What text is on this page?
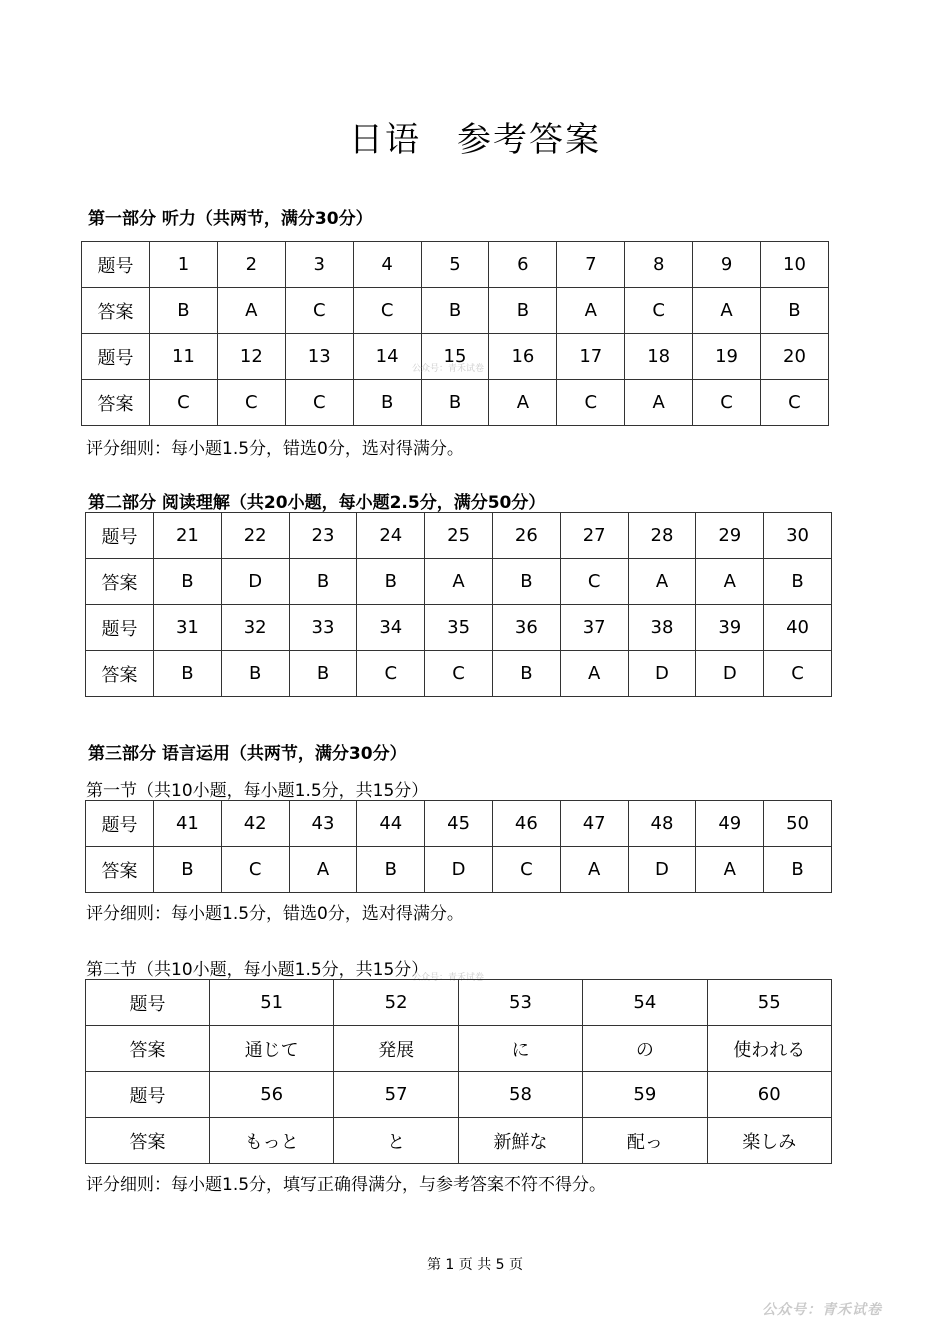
日语　参考答案
第一部分 听力（共两节，满分30分）
题号	1	2	3	4	5	6	7	8	9	10
答案	B	A	C	C	B	B	A	C	A	B
题号	11	12	13	14	15	16	17	18	19	20
答案	C	C	C	B	B	A	C	A	C	C
公众号：青禾试卷
评分细则：每小题1.5分，错选0分，选对得满分。
第二部分 阅读理解（共20小题，每小题2.5分，满分50分）
题号	21	22	23	24	25	26	27	28	29	30
答案	B	D	B	B	A	B	C	A	A	B
题号	31	32	33	34	35	36	37	38	39	40
答案	B	B	B	C	C	B	A	D	D	C
第三部分 语言运用（共两节，满分30分）
第一节（共10小题，每小题1.5分，共15分）
题号	41	42	43	44	45	46	47	48	49	50
答案	B	C	A	B	D	C	A	D	A	B
评分细则：每小题1.5分，错选0分，选对得满分。
第二节（共10小题，每小题1.5分，共15分）
公众号：青禾试卷
题号	51	52	53	54	55
答案	通じて	発展	に	の	使われる
题号	56	57	58	59	60
答案	もっと	と	新鮮な	配っ	楽しみ
评分细则：每小题1.5分，填写正确得满分，与参考答案不符不得分。
第 1 页 共 5 页
公众号：青禾试卷
